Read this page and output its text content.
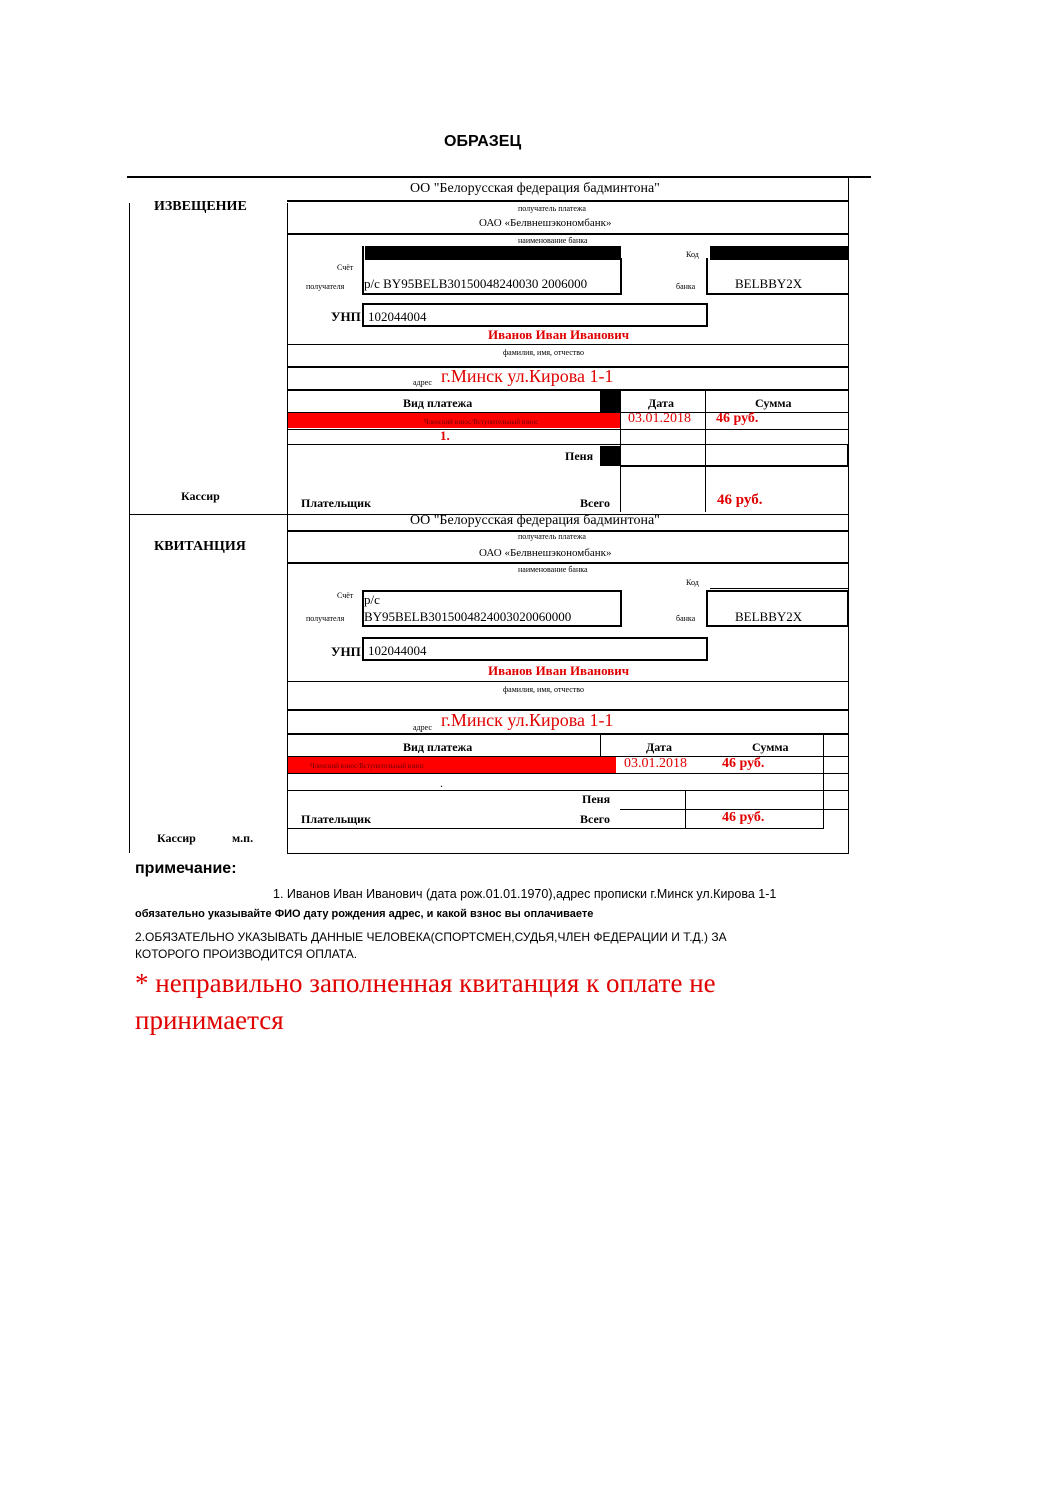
ОБРАЗЕЦ
ИЗВЕЩЕНИЕ
ОО "Белорусская федерация бадминтона"
получатель платежа
ОАО «Белвнешэкономбанк»
наименование банка
Счёт
получателя р/с BY95BELB30150048240030 2006000
Код
банка	BELBBY2X
УНП 102044004
Иванов Иван Иванович
фамилия, имя, отчество
адрес г.Минск ул.Кирова 1-1
Вид платежа	Дата	Сумма
Членский взнос/Вступительный взнос	03.01.2018 46 руб.
1.
Пеня
Кассир	Плательщик	Всего	46 руб.
КВИТАНЦИЯ
ОО "Белорусская федерация бадминтона"
получатель платежа
ОАО «Белвнешэкономбанк»
наименование банка
Код
Счёт
получателя
р/с
BY95BELB3015004824003020060000	банка	BELBBY2X
УНП 102044004
Иванов Иван Иванович
фамилия, имя, отчество
адрес г.Минск ул.Кирова 1-1
Вид платежа	Дата	Сумма
Членский взнос/Вступительный взнос	03.01.2018	46 руб.
.
Пеня
Кассир	м.п.
Плательщик	Всего	46 руб.
примечание:
1. Иванов Иван Иванович (дата рож.01.01.1970),адрес прописки г.Минск ул.Кирова 1-1
обязательно указывайте ФИО дату рождения адрес, и какой взнос вы оплачиваете
2.ОБЯЗАТЕЛЬНО УКАЗЫВАТЬ ДАННЫЕ ЧЕЛОВЕКА(СПОРТСМЕН,СУДЬЯ,ЧЛЕН ФЕДЕРАЦИИ И Т.Д.) ЗА
КОТОРОГО ПРОИЗВОДИТСЯ ОПЛАТА.
* неправильно заполненная квитанция к оплате не
принимается
